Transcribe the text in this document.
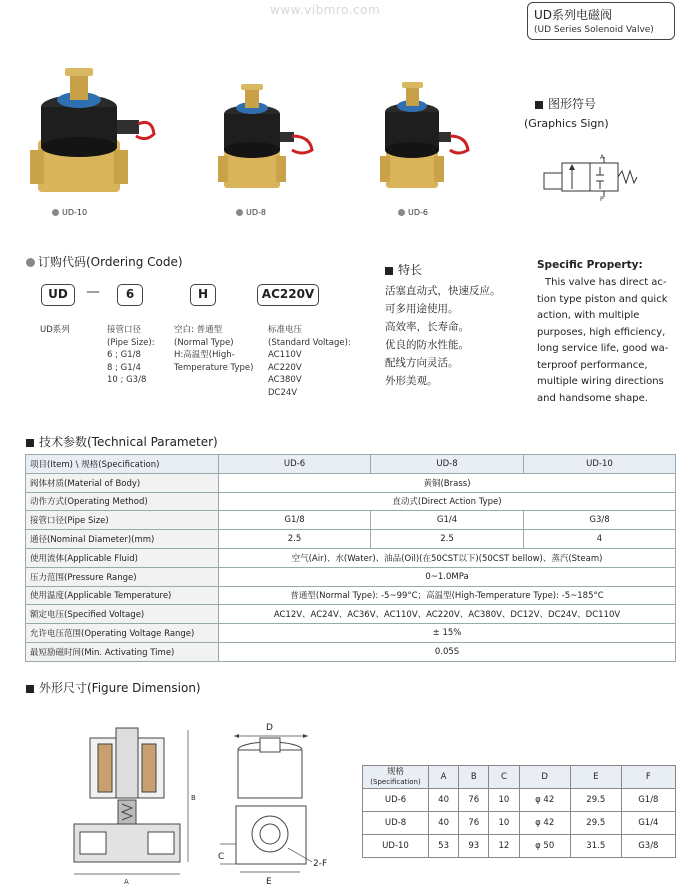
www.vibmro.com	UD系列电磁阀
(UD Series Solenoid Valve)
UD-10	UD-8	UD-6
图形符号
(Graphics Sign)
A
P
订购代码(Ordering Code)
UD	—	6	H	AC220V
UD系列	接管口径
(Pipe Size):
6 ; G1/8
8 ; G1/4
10 ; G3/8
空白: 普通型
(Normal Type)
H:高温型(High-
Temperature Type)
标准电压
(Standard Voltage):
AC110V
AC220V
AC380V
DC24V
特长
活塞直动式，快速反应。
可多用途使用。
高效率，长寿命。
优良的防水性能。
配线方向灵活。
外形美观。
Specific Property:
This valve has direct ac-
tion type piston and quick
action, with multiple
purposes, high efficiency,
long service life, good wa-
terproof performance,
multiple wiring directions
and handsome shape.
技术参数(Technical Parameter)
项目(Item) \ 规格(Specification)	UD-6	UD-8	UD-10
阀体材质(Material of Body)	黄铜(Brass)		
动作方式(Operating Method)	直动式(Direct Action Type)		
接管口径(Pipe Size)	G1/8	G1/4	G3/8
通径(Nominal Diameter)(mm)	2.5	2.5	4
使用流体(Applicable Fluid)	空气(Air)、水(Water)、油品(Oil)(在50CST以下)(50CST bellow)、蒸汽(Steam)		
压力范围(Pressure Range)	0~1.0MPa		
使用温度(Applicable Temperature)	普通型(Normal Type): -5~99°C；高温型(High-Temperature Type): -5~185°C		
额定电压(Specified Voltage)	AC12V、AC24V、AC36V、AC110V、AC220V、AC380V、DC12V、DC24V、DC110V		
允许电压范围(Operating Voltage Range)	± 15%		
最短励磁时间(Min. Activating Time)	0.05S		
外形尺寸(Figure Dimension)
A
B
D
C
2-F
E
规格
(Specification)	A	B	C	D	E	F
UD-6	40	76	10	φ 42	29.5	G1/8
UD-8	40	76	10	φ 42	29.5	G1/4
UD-10	53	93	12	φ 50	31.5	G3/8
